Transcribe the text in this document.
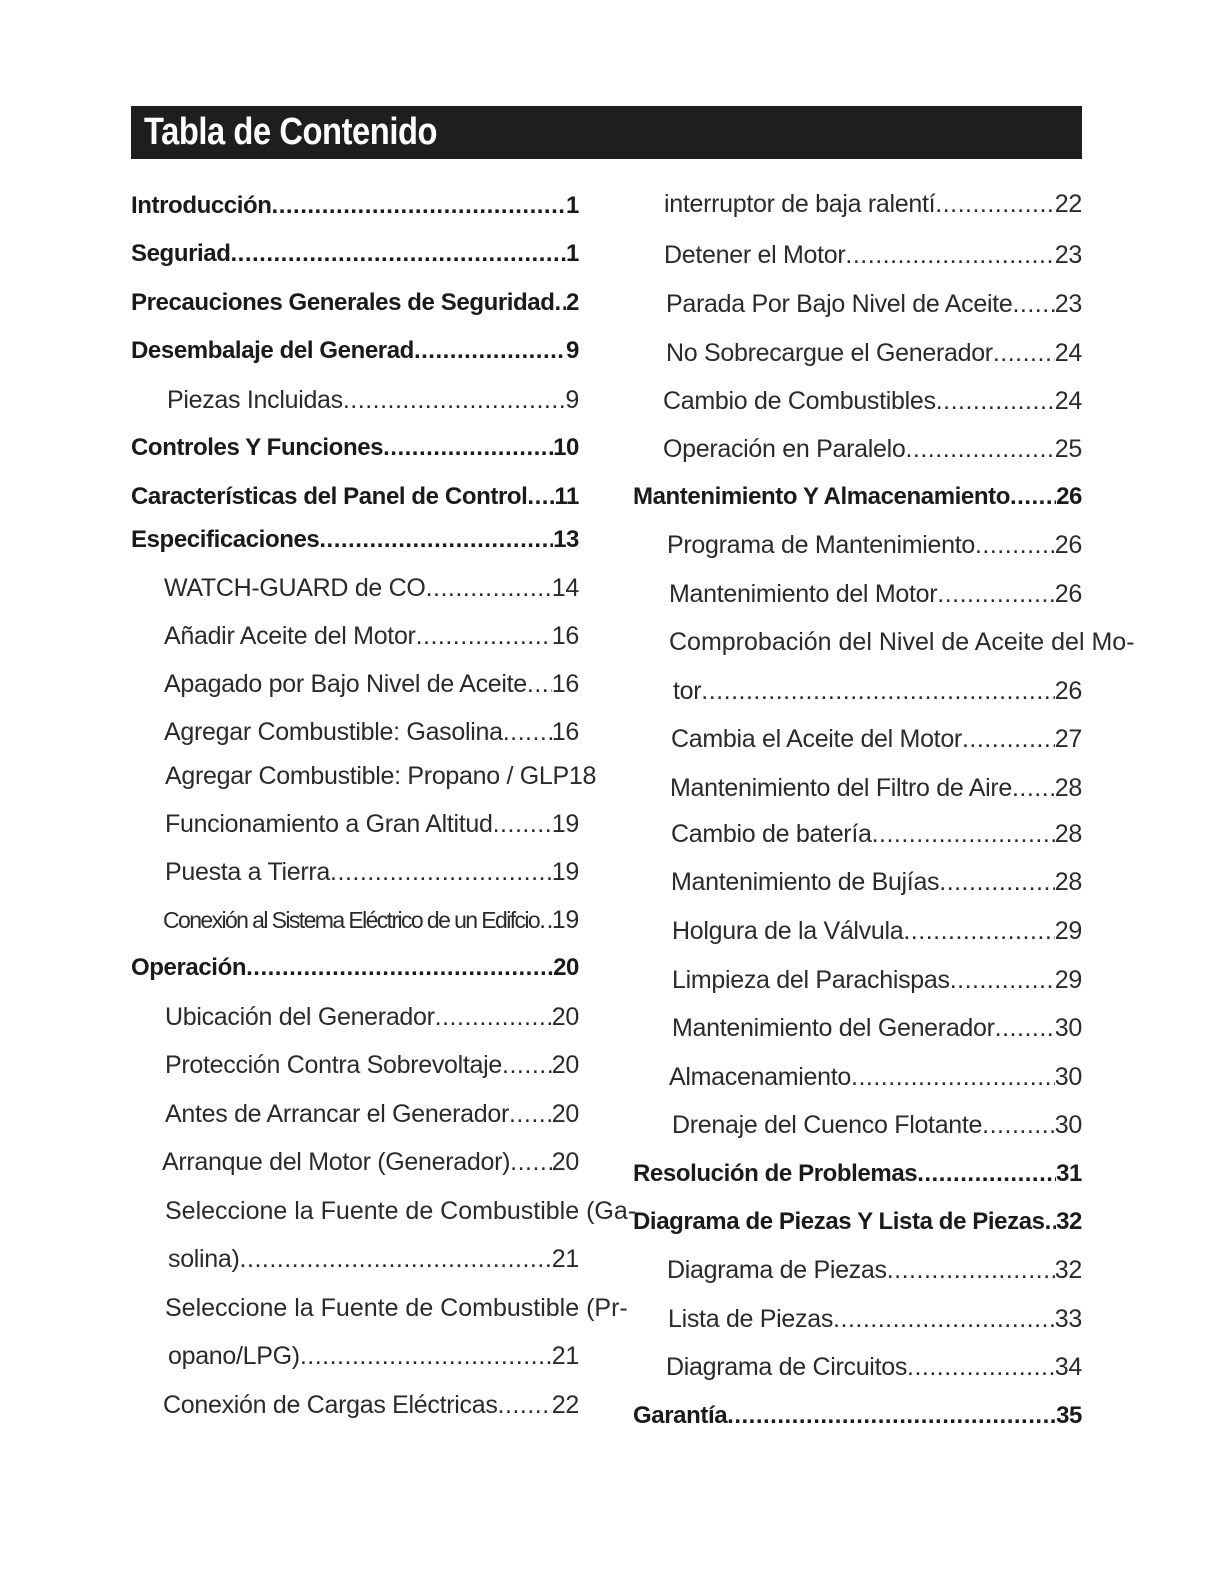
Tabla de Contenido
Introducción .....	1
Seguriad .....	1
Precauciones Generales de Seguridad ..... 2
Desembalaje del Generad .....	9
Piezas Incluidas .....	9
Controles Y Funciones .....	10
Características del Panel de Control ..... 11
Especificaciones .....	13
WATCH-GUARD de CO .....	14
Añadir Aceite del Motor .....	16
Apagado por Bajo Nivel de Aceite ..... 16
Agregar Combustible: Gasolina ..... 16
Agregar Combustible: Propano / GLP 18
Funcionamiento a Gran Altitud ..... 19
Puesta a Tierra .....	19
Conexión al Sistema Eléctrico de un Edifcio ..... 19
Operación .....	20
Ubicación del Generador .....	20
Protección Contra Sobrevoltaje ..... 20
Antes de Arrancar el Generador ..... 20
Arranque del Motor (Generador) ..... 20
Seleccione la Fuente de Combustible (Ga-
solina) .....	21
Seleccione la Fuente de Combustible (Pr-
opano/LPG) .....	21
Conexión de Cargas Eléctricas ..... 22
interruptor de baja ralentí .....	22
Detener el Motor .....	23
Parada Por Bajo Nivel de Aceite ..... 23
No Sobrecargue el Generador ..... 24
Cambio de Combustibles .....	24
Operación en Paralelo .....	25
Mantenimiento Y Almacenamiento ..... 26
Programa de Mantenimiento .....	26
Mantenimiento del Motor .....	26
Comprobación del Nivel de Aceite del Mo-
tor .....	26
Cambia el Aceite del Motor .....	27
Mantenimiento del Filtro de Aire ..... 28
Cambio de batería .....	28
Mantenimiento de Bujías .....	28
Holgura de la Válvula .....	29
Limpieza del Parachispas .....	29
Mantenimiento del Generador ..... 30
Almacenamiento .....	30
Drenaje del Cuenco Flotante .....	30
Resolución de Problemas .....	31
Diagrama de Piezas Y Lista de Piezas ..... 32
Diagrama de Piezas .....	32
Lista de Piezas .....	33
Diagrama de Circuitos .....	34
Garantía .....	35
